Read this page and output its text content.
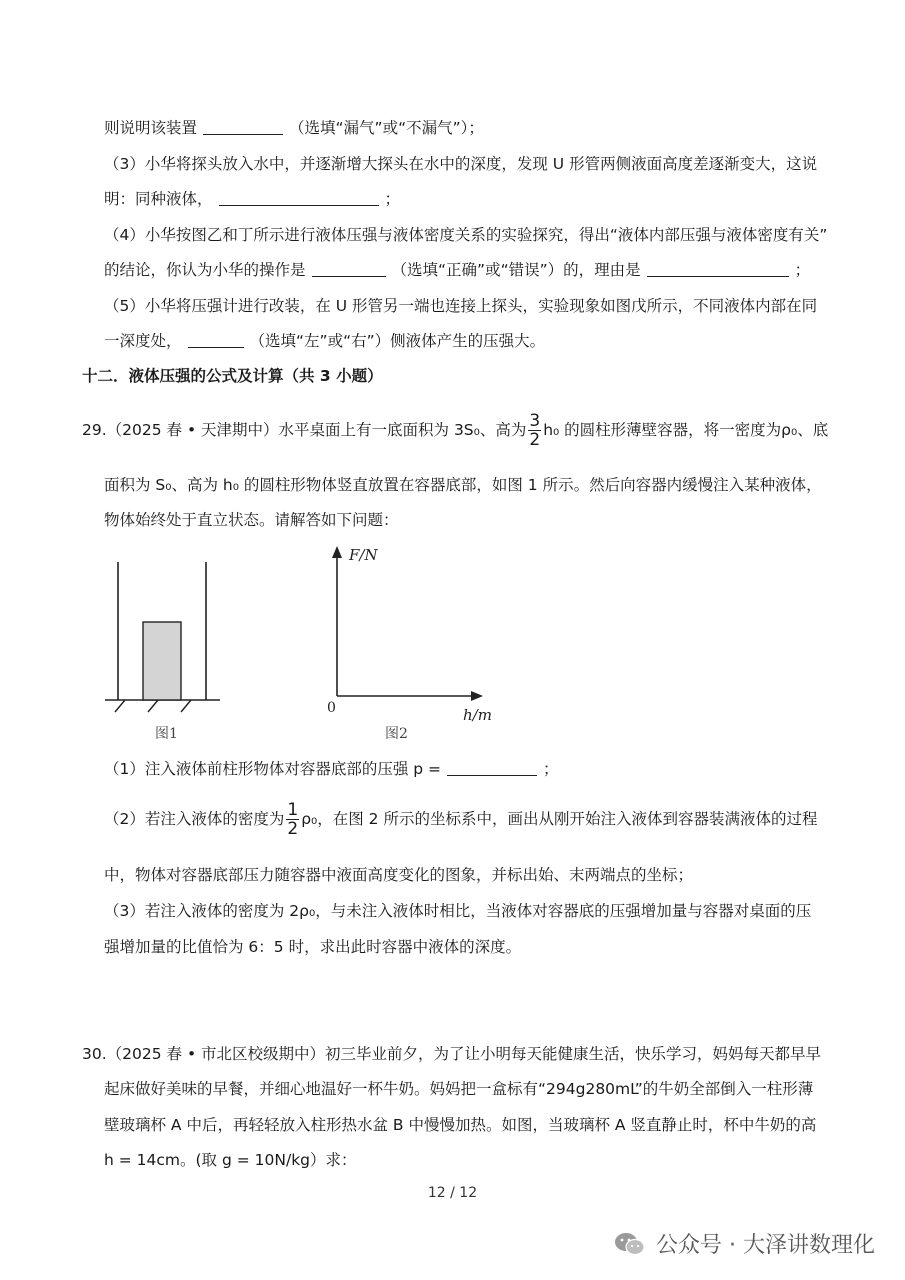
则说明该装置	（选填“漏气”或“不漏气”）；
（3）小华将探头放入水中，并逐渐增大探头在水中的深度，发现 U 形管两侧液面高度差逐渐变大，这说
明：同种液体，	；
（4）小华按图乙和丁所示进行液体压强与液体密度关系的实验探究，得出“液体内部压强与液体密度有关”
的结论，你认为小华的操作是	（选填“正确”或“错误”）的，理由是	；
（5）小华将压强计进行改装，在 U 形管另一端也连接上探头，实验现象如图戊所示，不同液体内部在同
一深度处，	（选填“左”或“右”）侧液体产生的压强大。
十二．液体压强的公式及计算（共 3 小题）
29.（2025 春 • 天津期中）水平桌面上有一底面积为 3S₀、高为 $\frac{3}{2} h_0$ 的圆柱形薄壁容器，将一密度为ρ₀、底
面积为 S₀、高为 h₀ 的圆柱形物体竖直放置在容器底部，如图 1 所示。然后向容器内缓慢注入某种液体，
物体始终处于直立状态。请解答如下问题：
图1
F/N
h/m
0
图2
（1）注入液体前柱形物体对容器底部的压强 p =	；
（2）若注入液体的密度为 $\frac{1}{2} \rho_0$，在图 2 所示的坐标系中，画出从刚开始注入液体到容器装满液体的过程
中，物体对容器底部压力随容器中液面高度变化的图象，并标出始、末两端点的坐标；
（3）若注入液体的密度为 2ρ₀，与未注入液体时相比，当液体对容器底的压强增加量与容器对桌面的压
强增加量的比值恰为 6：5 时，求出此时容器中液体的深度。
30.（2025 春 • 市北区校级期中）初三毕业前夕，为了让小明每天能健康生活，快乐学习，妈妈每天都早早
起床做好美味的早餐，并细心地温好一杯牛奶。妈妈把一盒标有“294g280mL”的牛奶全部倒入一柱形薄
壁玻璃杯 A 中后，再轻轻放入柱形热水盆 B 中慢慢加热。如图，当玻璃杯 A 竖直静止时，杯中牛奶的高
h = 14cm。(取 g = 10N/kg）求：
12 / 12
公众号 · 大泽讲数理化
